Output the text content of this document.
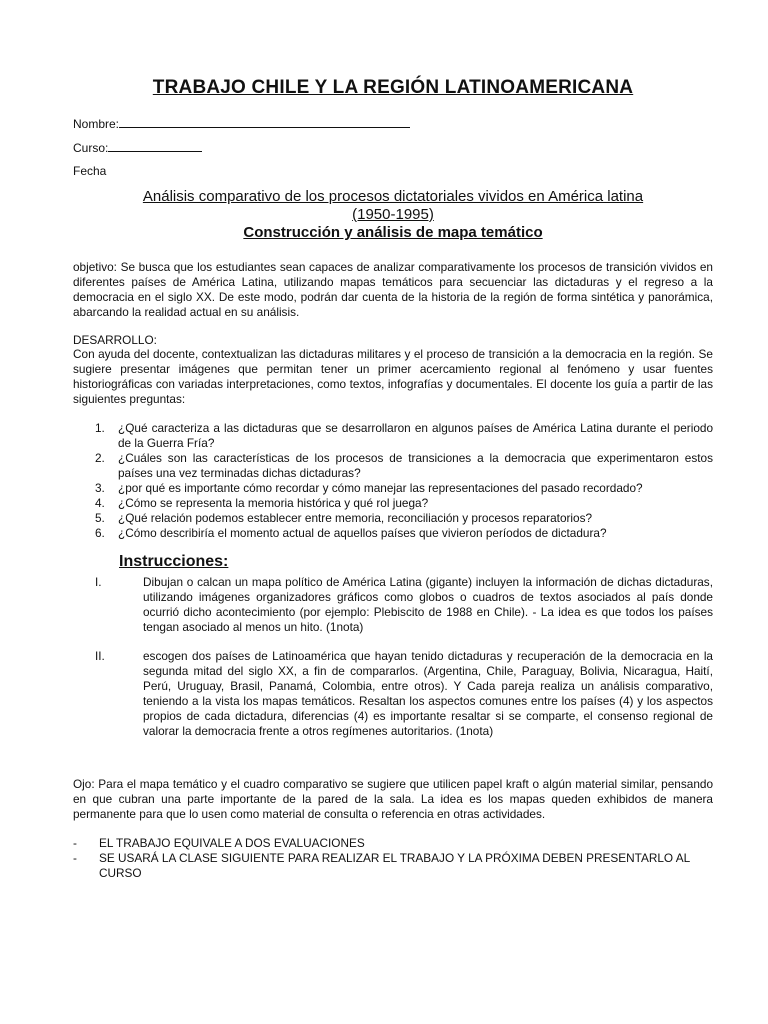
TRABAJO CHILE Y LA REGIÓN LATINOAMERICANA
Nombre:
Curso:
Fecha
Análisis comparativo de los procesos dictatoriales vividos en América latina
(1950-1995)
Construcción y análisis de mapa temático
objetivo: Se busca que los estudiantes sean capaces de analizar comparativamente los procesos de transición vividos en diferentes países de América Latina, utilizando mapas temáticos para secuenciar las dictaduras y el regreso a la democracia en el siglo XX. De este modo, podrán dar cuenta de la historia de la región de forma sintética y panorámica, abarcando la realidad actual en su análisis.
DESARROLLO:
Con ayuda del docente, contextualizan las dictaduras militares y el proceso de transición a la democracia en la región. Se sugiere presentar imágenes que permitan tener un primer acercamiento regional al fenómeno y usar fuentes historiográficas con variadas interpretaciones, como textos, infografías y documentales. El docente los guía a partir de las siguientes preguntas:
1.	¿Qué caracteriza a las dictaduras que se desarrollaron en algunos países de América Latina durante el periodo de la Guerra Fría?
2.	¿Cuáles son las características de los procesos de transiciones a la democracia que experimentaron estos países una vez terminadas dichas dictaduras?
3.	¿por qué es importante cómo recordar y cómo manejar las representaciones del pasado recordado?
4.	¿Cómo se representa la memoria histórica y qué rol juega?
5.	¿Qué relación podemos establecer entre memoria, reconciliación y procesos reparatorios?
6.	¿Cómo describiría el momento actual de aquellos países que vivieron períodos de dictadura?
Instrucciones:
I.	Dibujan o calcan un mapa político de América Latina (gigante) incluyen la información de dichas dictaduras, utilizando imágenes organizadores gráficos como globos o cuadros de textos asociados al país donde ocurrió dicho acontecimiento (por ejemplo: Plebiscito de 1988 en Chile). - La idea es que todos los países tengan asociado al menos un hito. (1nota)
II.	escogen dos países de Latinoamérica que hayan tenido dictaduras y recuperación de la democracia en la segunda mitad del siglo XX, a fin de compararlos. (Argentina, Chile, Paraguay, Bolivia, Nicaragua, Haití, Perú, Uruguay, Brasil, Panamá, Colombia, entre otros). Y Cada pareja realiza un análisis comparativo, teniendo a la vista los mapas temáticos. Resaltan los aspectos comunes entre los países (4) y los aspectos propios de cada dictadura, diferencias (4) es importante resaltar si se comparte, el consenso regional de valorar la democracia frente a otros regímenes autoritarios. (1nota)
Ojo: Para el mapa temático y el cuadro comparativo se sugiere que utilicen papel kraft o algún material similar, pensando en que cubran una parte importante de la pared de la sala. La idea es los mapas queden exhibidos de manera permanente para que lo usen como material de consulta o referencia en otras actividades.
-	EL TRABAJO EQUIVALE A DOS EVALUACIONES
-	SE USARÁ LA CLASE SIGUIENTE PARA REALIZAR EL TRABAJO Y LA PRÓXIMA DEBEN PRESENTARLO AL CURSO
